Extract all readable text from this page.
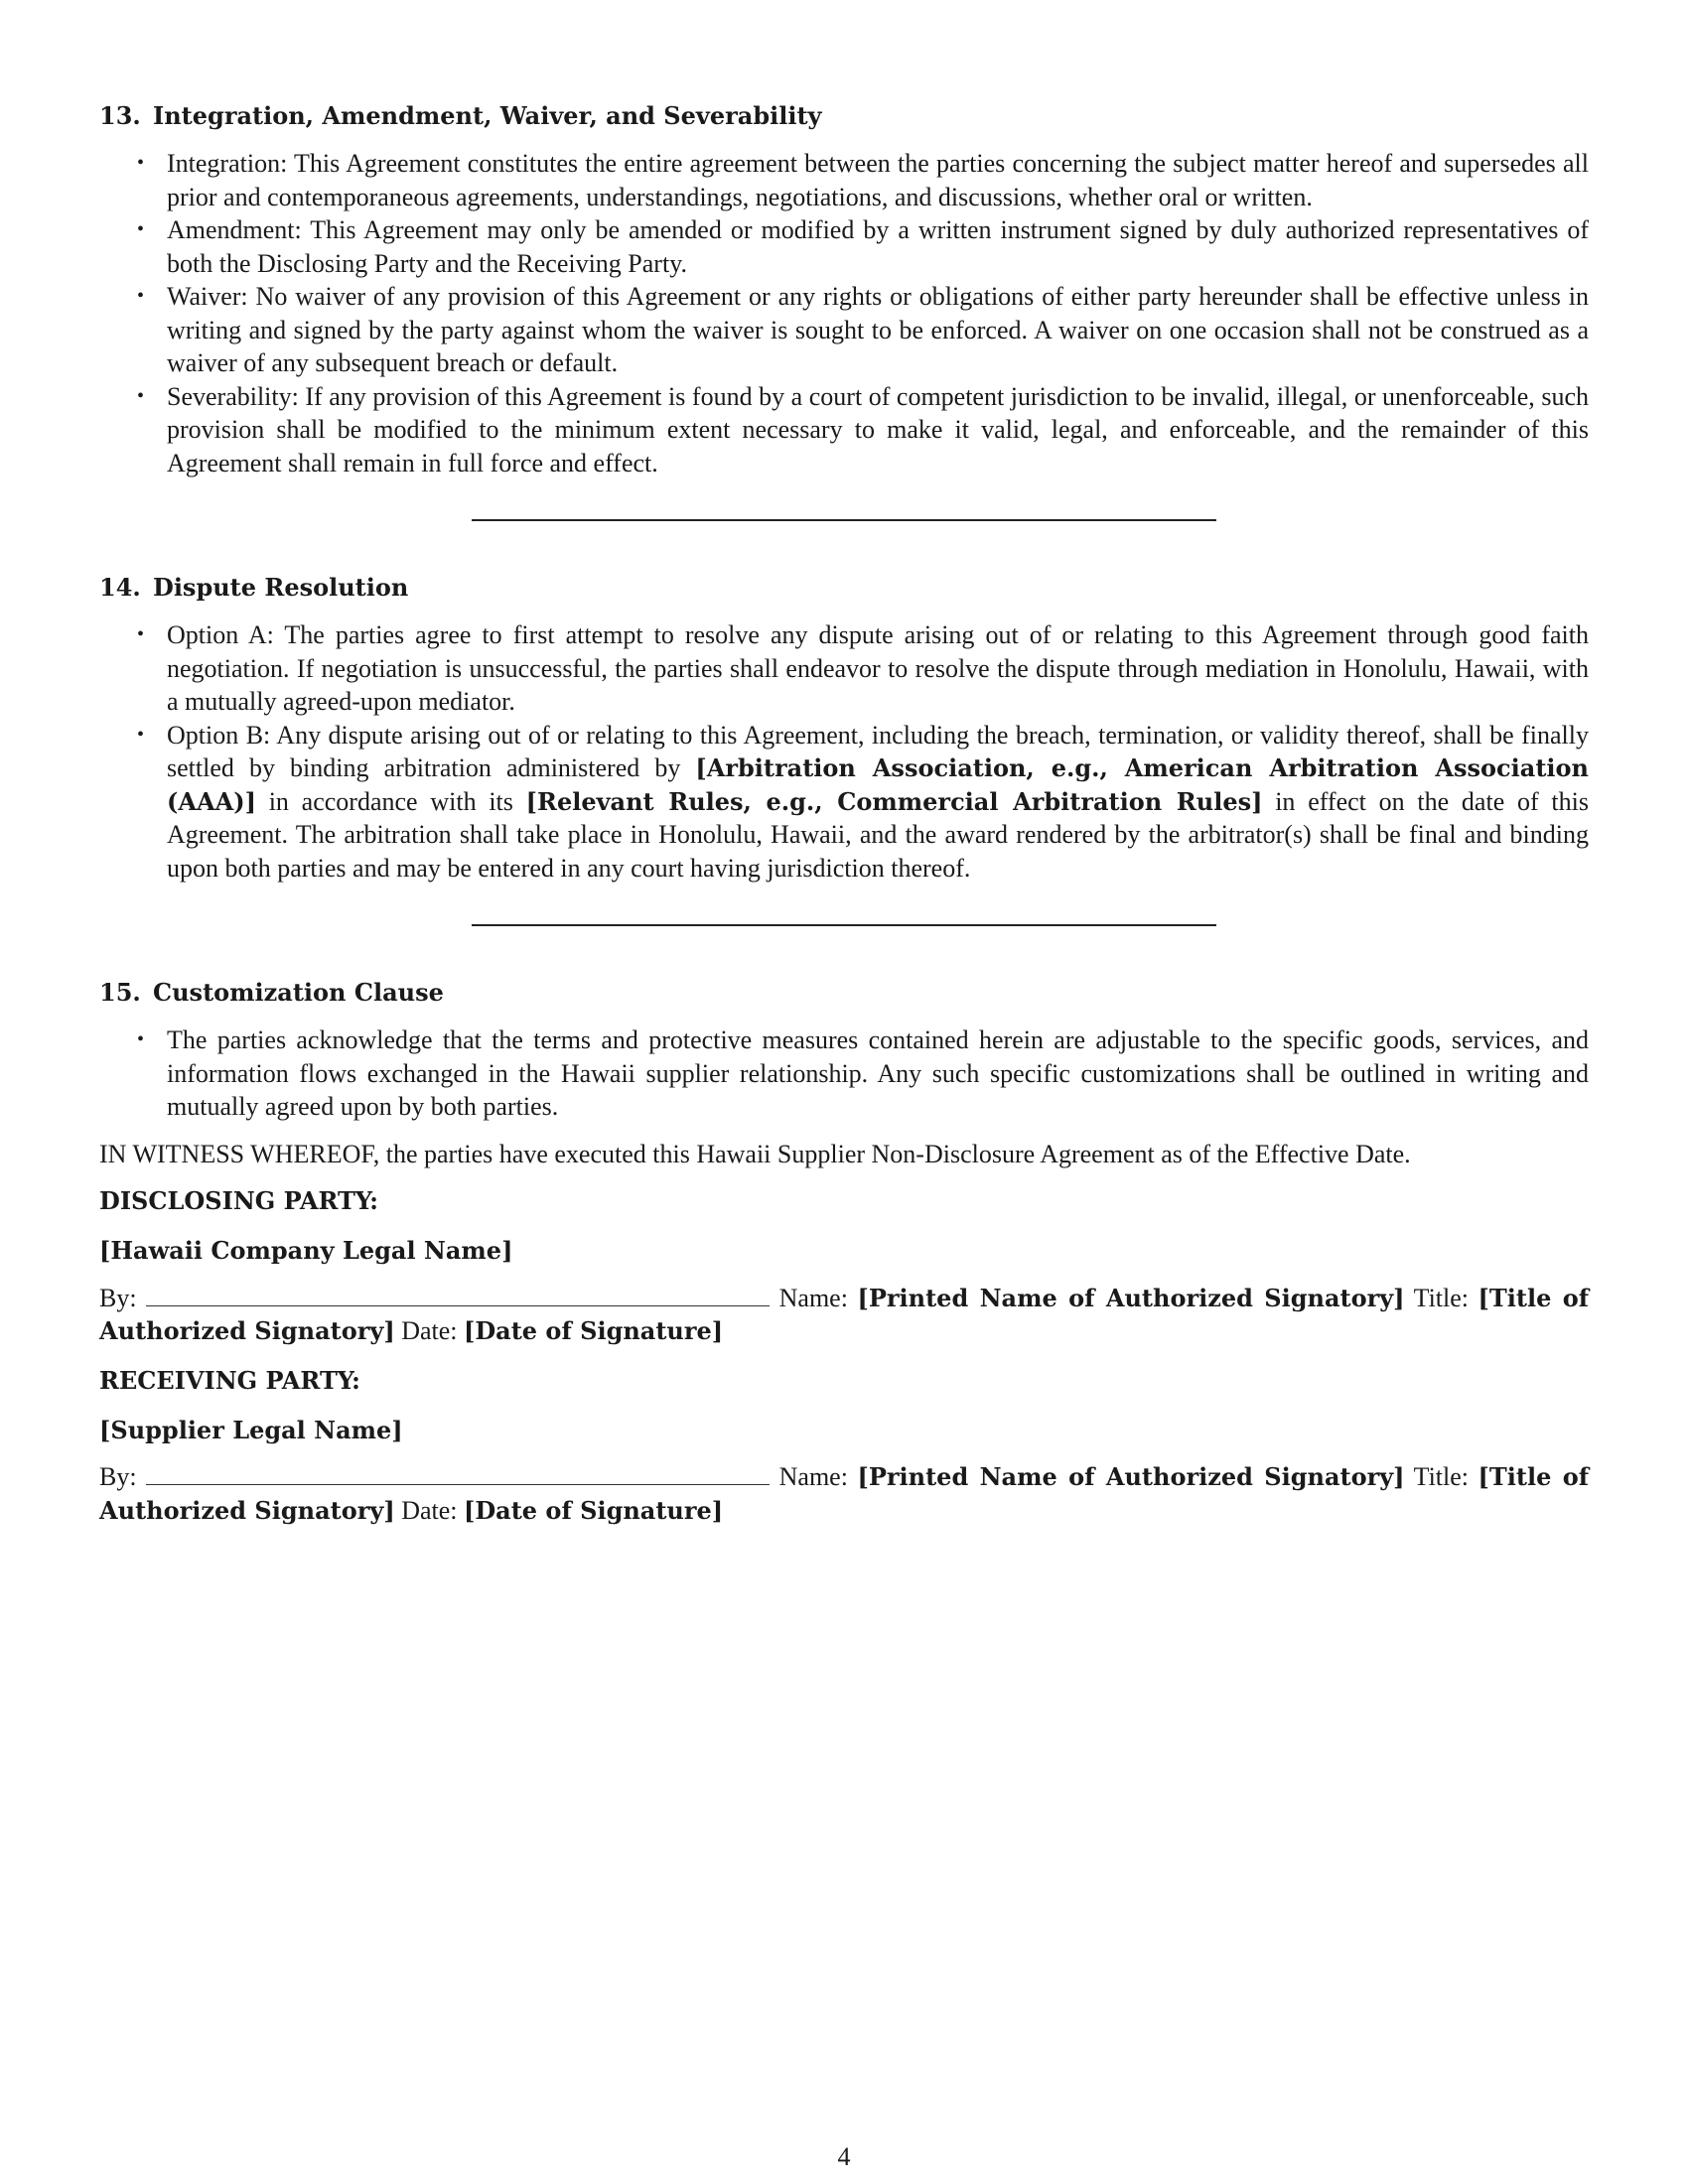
13. Integration, Amendment, Waiver, and Severability
• Integration: This Agreement constitutes the entire agreement between the parties concerning the subject matter hereof and supersedes all prior and contemporaneous agreements, understandings, negotiations, and discussions, whether oral or written.
• Amendment: This Agreement may only be amended or modified by a written instrument signed by duly authorized representatives of both the Disclosing Party and the Receiving Party.
• Waiver: No waiver of any provision of this Agreement or any rights or obligations of either party hereunder shall be effective unless in writing and signed by the party against whom the waiver is sought to be enforced. A waiver on one occasion shall not be construed as a waiver of any subsequent breach or default.
• Severability: If any provision of this Agreement is found by a court of competent jurisdiction to be invalid, illegal, or unenforceable, such provision shall be modified to the minimum extent necessary to make it valid, legal, and enforceable, and the remainder of this Agreement shall remain in full force and effect.
14. Dispute Resolution
• Option A: The parties agree to first attempt to resolve any dispute arising out of or relating to this Agreement through good faith negotiation. If negotiation is unsuccessful, the parties shall endeavor to resolve the dispute through mediation in Honolulu, Hawaii, with a mutually agreed-upon mediator.
• Option B: Any dispute arising out of or relating to this Agreement, including the breach, termination, or validity thereof, shall be finally settled by binding arbitration administered by [Arbitration Association, e.g., American Arbitration Association (AAA)] in accordance with its [Relevant Rules, e.g., Commercial Arbitration Rules] in effect on the date of this Agreement. The arbitration shall take place in Honolulu, Hawaii, and the award rendered by the arbitrator(s) shall be final and binding upon both parties and may be entered in any court having jurisdiction thereof.
15. Customization Clause
• The parties acknowledge that the terms and protective measures contained herein are adjustable to the specific goods, services, and information flows exchanged in the Hawaii supplier relationship. Any such specific customizations shall be outlined in writing and mutually agreed upon by both parties.

IN WITNESS WHEREOF, the parties have executed this Hawaii Supplier Non-Disclosure Agreement as of the Effective Date.

DISCLOSING PARTY:

[Hawaii Company Legal Name]

By:	Name: [Printed Name of Authorized Signatory] Title: [Title of Authorized Signatory] Date: [Date of Signature]

RECEIVING PARTY:

[Supplier Legal Name]

By:	Name: [Printed Name of Authorized Signatory] Title: [Title of Authorized Signatory] Date: [Date of Signature]

4
